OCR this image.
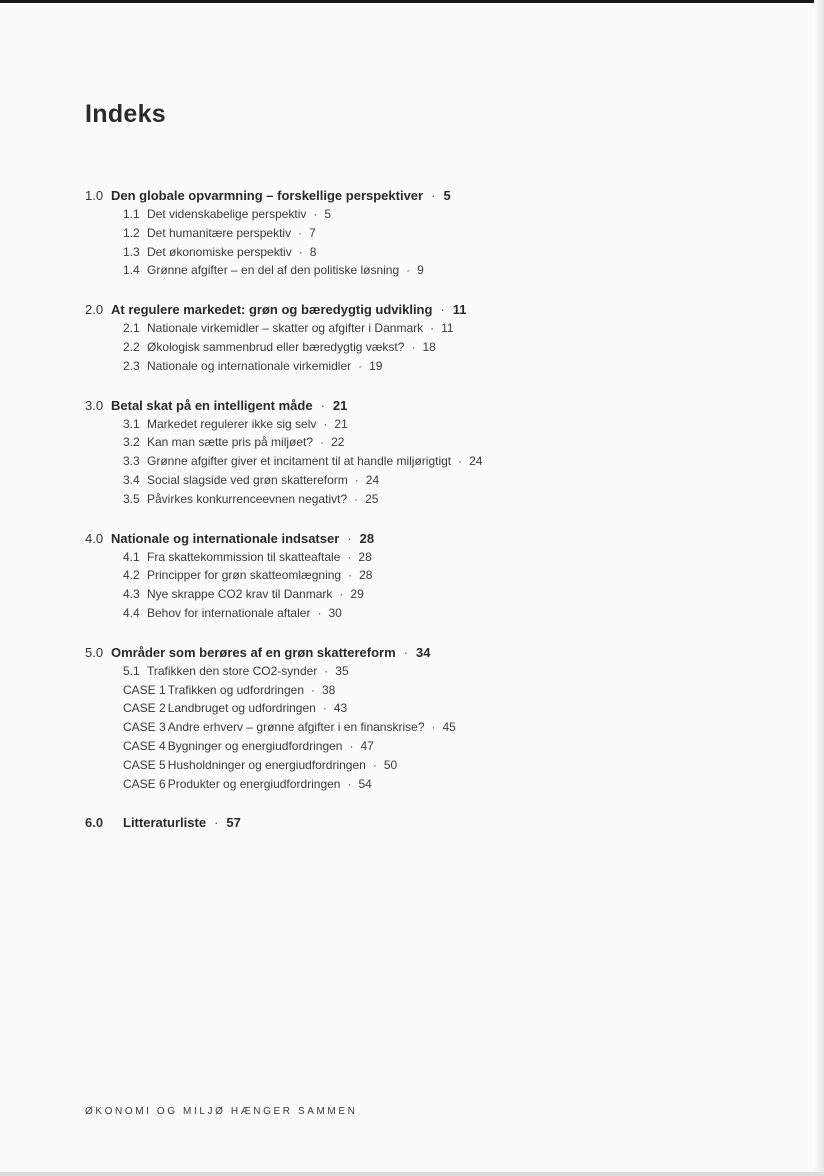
Indeks
1.0 Den globale opvarmning – forskellige perspektiver · 5
1.1 Det videnskabelige perspektiv · 5
1.2 Det humanitære perspektiv · 7
1.3 Det økonomiske perspektiv · 8
1.4 Grønne afgifter – en del af den politiske løsning · 9
2.0 At regulere markedet: grøn og bæredygtig udvikling · 11
2.1 Nationale virkemidler – skatter og afgifter i Danmark · 11
2.2 Økologisk sammenbrud eller bæredygtig vækst? · 18
2.3 Nationale og internationale virkemidler · 19
3.0 Betal skat på en intelligent måde · 21
3.1 Markedet regulerer ikke sig selv · 21
3.2 Kan man sætte pris på miljøet? · 22
3.3 Grønne afgifter giver et incitament til at handle miljørigtigt · 24
3.4 Social slagside ved grøn skattereform · 24
3.5 Påvirkes konkurrenceevnen negativt? · 25
4.0 Nationale og internationale indsatser · 28
4.1 Fra skattekommission til skatteaftale · 28
4.2 Principper for grøn skatteomlægning · 28
4.3 Nye skrappe CO2 krav til Danmark · 29
4.4 Behov for internationale aftaler · 30
5.0 Områder som berøres af en grøn skattereform · 34
5.1 Trafikken den store CO2-synder · 35
CASE 1 Trafikken og udfordringen · 38
CASE 2 Landbruget og udfordringen · 43
CASE 3 Andre erhverv – grønne afgifter i en finanskrise? · 45
CASE 4 Bygninger og energiudfordringen · 47
CASE 5 Husholdninger og energiudfordringen · 50
CASE 6 Produkter og energiudfordringen · 54
6.0 Litteraturliste · 57

ØKONOMI OG MILJØ HÆNGER SAMMEN
